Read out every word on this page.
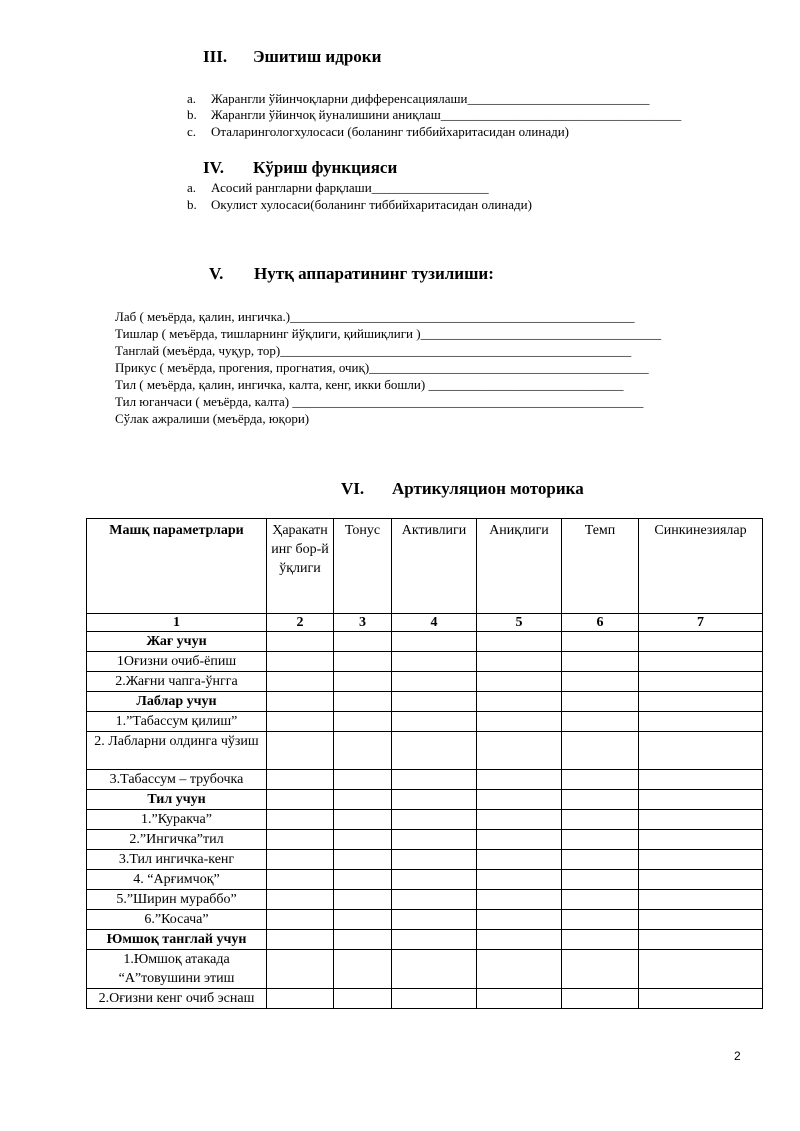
III. Эшитиш идроки
a. Жарангли ўйинчоқларни дифференсациялаши____________________________
b. Жарангли ўйинчоқ йуналишини аниқлаш_____________________________________
c. Оталарингологхулосаси (боланинг тиббийхаритасидан олинади)
IV. Кўриш функцияси
a. Асосий рангларни фарқлаши__________________
b. Окулист хулосаси(боланинг тиббийхаритасидан олинади)
V. Нутқ аппаратининг тузилиши:
Лаб ( меъёрда, қалин, ингичка.)_____________________________________________________
Тишлар ( меъёрда, тишларнинг йўқлиги, қийшиқлиги )_____________________________________
Танглай (меъёрда, чуқур, тор)______________________________________________________
Прикус ( меъёрда, прогения, прогнатия, очиқ)___________________________________________
Тил ( меъёрда, қалин, ингичка, калта, кенг, икки бошли) ______________________________
Тил юганчаси ( меъёрда, калта) ______________________________________________________
Сўлак ажралиши (меъёрда, юқори)
VI. Артикуляцион моторика
Машқ параметрлари	Ҳаракатнинг бор-йўқлиги	Тонус	Активлиги	Аниқлиги	Темп	Синкинезиялар
1	2	3	4	5	6	7
Жағ учун						
1Оғизни очиб-ёпиш						
2.Жағни чапга-ўнгга						
Лаблар учун						
1.”Табассум қилиш”						
2. Лабларни олдинга чўзиш						
3.Табассум – трубочка						
Тил учун						
1.”Куракча”						
2.”Ингичка”тил						
3.Тил ингичка-кенг						
4. “Арғимчоқ”						
5.”Ширин мураббо”						
6.”Косача”						
Юмшоқ танглай учун						
1.Юмшоқ атакада “А”товушини этиш						
2.Оғизни кенг очиб эснаш						
2
